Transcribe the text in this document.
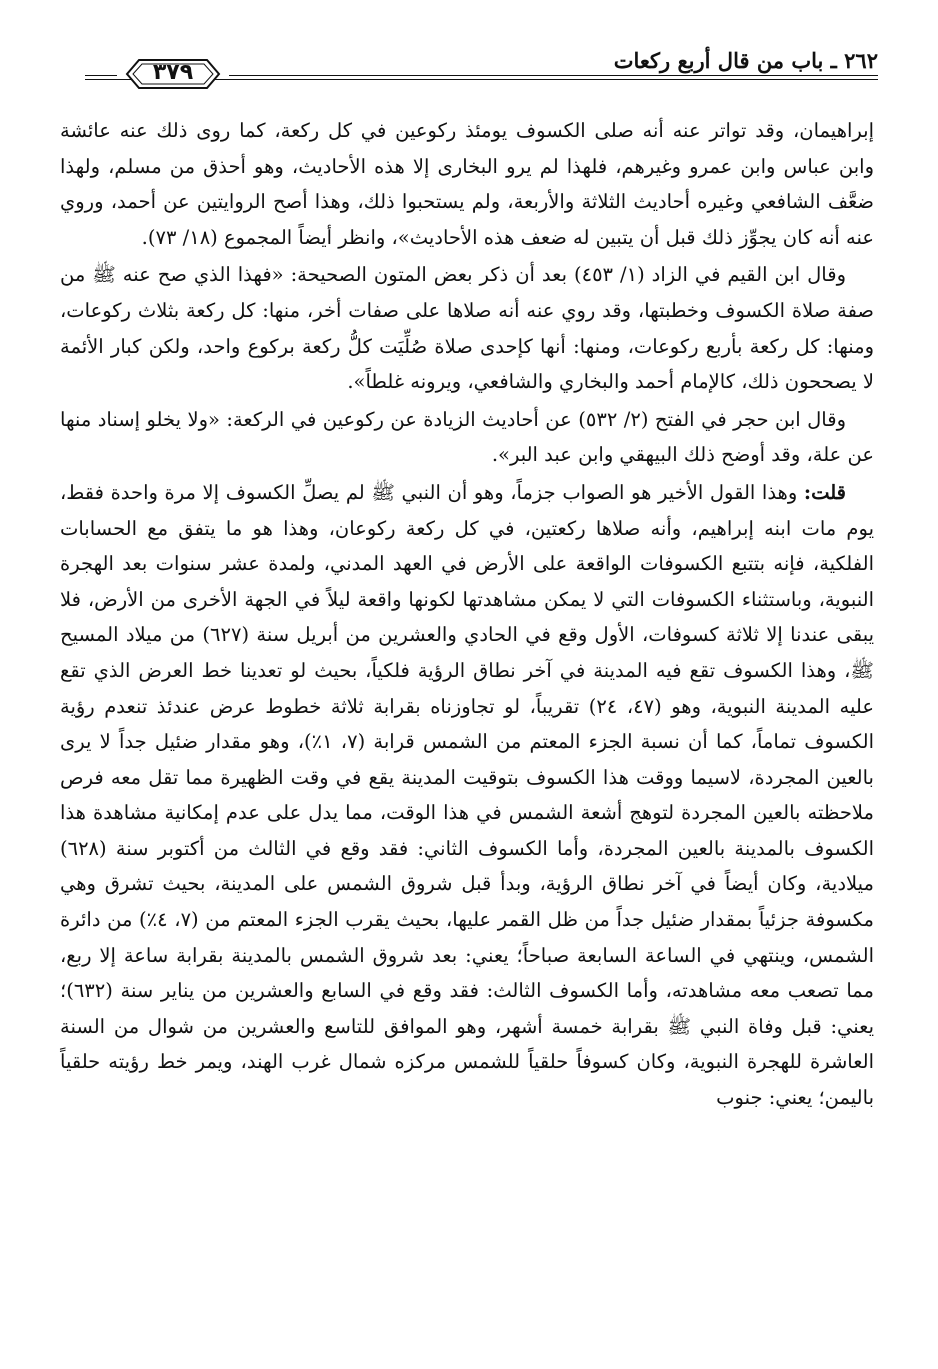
٢٦٢ ـ باب من قال أربع ركعات
٣٧٩

إبراهيمان، وقد تواتر عنه أنه صلى الكسوف يومئذ ركوعين في كل ركعة، كما روى ذلك عنه عائشة وابن عباس وابن عمرو وغيرهم، فلهذا لم يرو البخارى إلا هذه الأحاديث، وهو أحذق من مسلم، ولهذا ضعَّف الشافعي وغيره أحاديث الثلاثة والأربعة، ولم يستحبوا ذلك، وهذا أصح الروايتين عن أحمد، وروي عنه أنه كان يجوِّز ذلك قبل أن يتبين له ضعف هذه الأحاديث»، وانظر أيضاً المجموع (١٨/ ٧٣).

وقال ابن القيم في الزاد (١/ ٤٥٣) بعد أن ذكر بعض المتون الصحيحة: «فهذا الذي صح عنه ﷺ من صفة صلاة الكسوف وخطبتها، وقد روي عنه أنه صلاها على صفات أخر، منها: كل ركعة بثلاث ركوعات، ومنها: كل ركعة بأربع ركوعات، ومنها: أنها كإحدى صلاة صُلِّيَت كلُّ ركعة بركوع واحد، ولكن كبار الأئمة لا يصححون ذلك، كالإمام أحمد والبخاري والشافعي، ويرونه غلطاً».

وقال ابن حجر في الفتح (٢/ ٥٣٢) عن أحاديث الزيادة عن ركوعين في الركعة: «ولا يخلو إسناد منها عن علة، وقد أوضح ذلك البيهقي وابن عبد البر».

قلت: وهذا القول الأخير هو الصواب جزماً، وهو أن النبي ﷺ لم يصلِّ الكسوف إلا مرة واحدة فقط، يوم مات ابنه إبراهيم، وأنه صلاها ركعتين، في كل ركعة ركوعان، وهذا هو ما يتفق مع الحسابات الفلكية، فإنه بتتبع الكسوفات الواقعة على الأرض في العهد المدني، ولمدة عشر سنوات بعد الهجرة النبوية، وباستثناء الكسوفات التي لا يمكن مشاهدتها لكونها واقعة ليلاً في الجهة الأخرى من الأرض، فلا يبقى عندنا إلا ثلاثة كسوفات، الأول وقع في الحادي والعشرين من أبريل سنة (٦٢٧) من ميلاد المسيح ﷺ، وهذا الكسوف تقع فيه المدينة في آخر نطاق الرؤية فلكياً، بحيث لو تعدينا خط العرض الذي تقع عليه المدينة النبوية، وهو (٤٧، ٢٤) تقريباً، لو تجاوزناه بقرابة ثلاثة خطوط عرض عندئذ تنعدم رؤية الكسوف تماماً، كما أن نسبة الجزء المعتم من الشمس قرابة (٧، ١٪)، وهو مقدار ضئيل جداً لا يرى بالعين المجردة، لاسيما ووقت هذا الكسوف بتوقيت المدينة يقع في وقت الظهيرة مما تقل معه فرص ملاحظته بالعين المجردة لتوهج أشعة الشمس في هذا الوقت، مما يدل على عدم إمكانية مشاهدة هذا الكسوف بالمدينة بالعين المجردة، وأما الكسوف الثاني: فقد وقع في الثالث من أكتوبر سنة (٦٢٨) ميلادية، وكان أيضاً في آخر نطاق الرؤية، وبدأ قبل شروق الشمس على المدينة، بحيث تشرق وهي مكسوفة جزئياً بمقدار ضئيل جداً من ظل القمر عليها، بحيث يقرب الجزء المعتم من (٧، ٤٪) من دائرة الشمس، وينتهي في الساعة السابعة صباحاً؛ يعني: بعد شروق الشمس بالمدينة بقرابة ساعة إلا ربع، مما تصعب معه مشاهدته، وأما الكسوف الثالث: فقد وقع في السابع والعشرين من يناير سنة (٦٣٢)؛ يعني: قبل وفاة النبي ﷺ بقرابة خمسة أشهر، وهو الموافق للتاسع والعشرين من شوال من السنة العاشرة للهجرة النبوية، وكان كسوفاً حلقياً للشمس مركزه شمال غرب الهند، ويمر خط رؤيته حلقياً باليمن؛ يعني: جنوب
